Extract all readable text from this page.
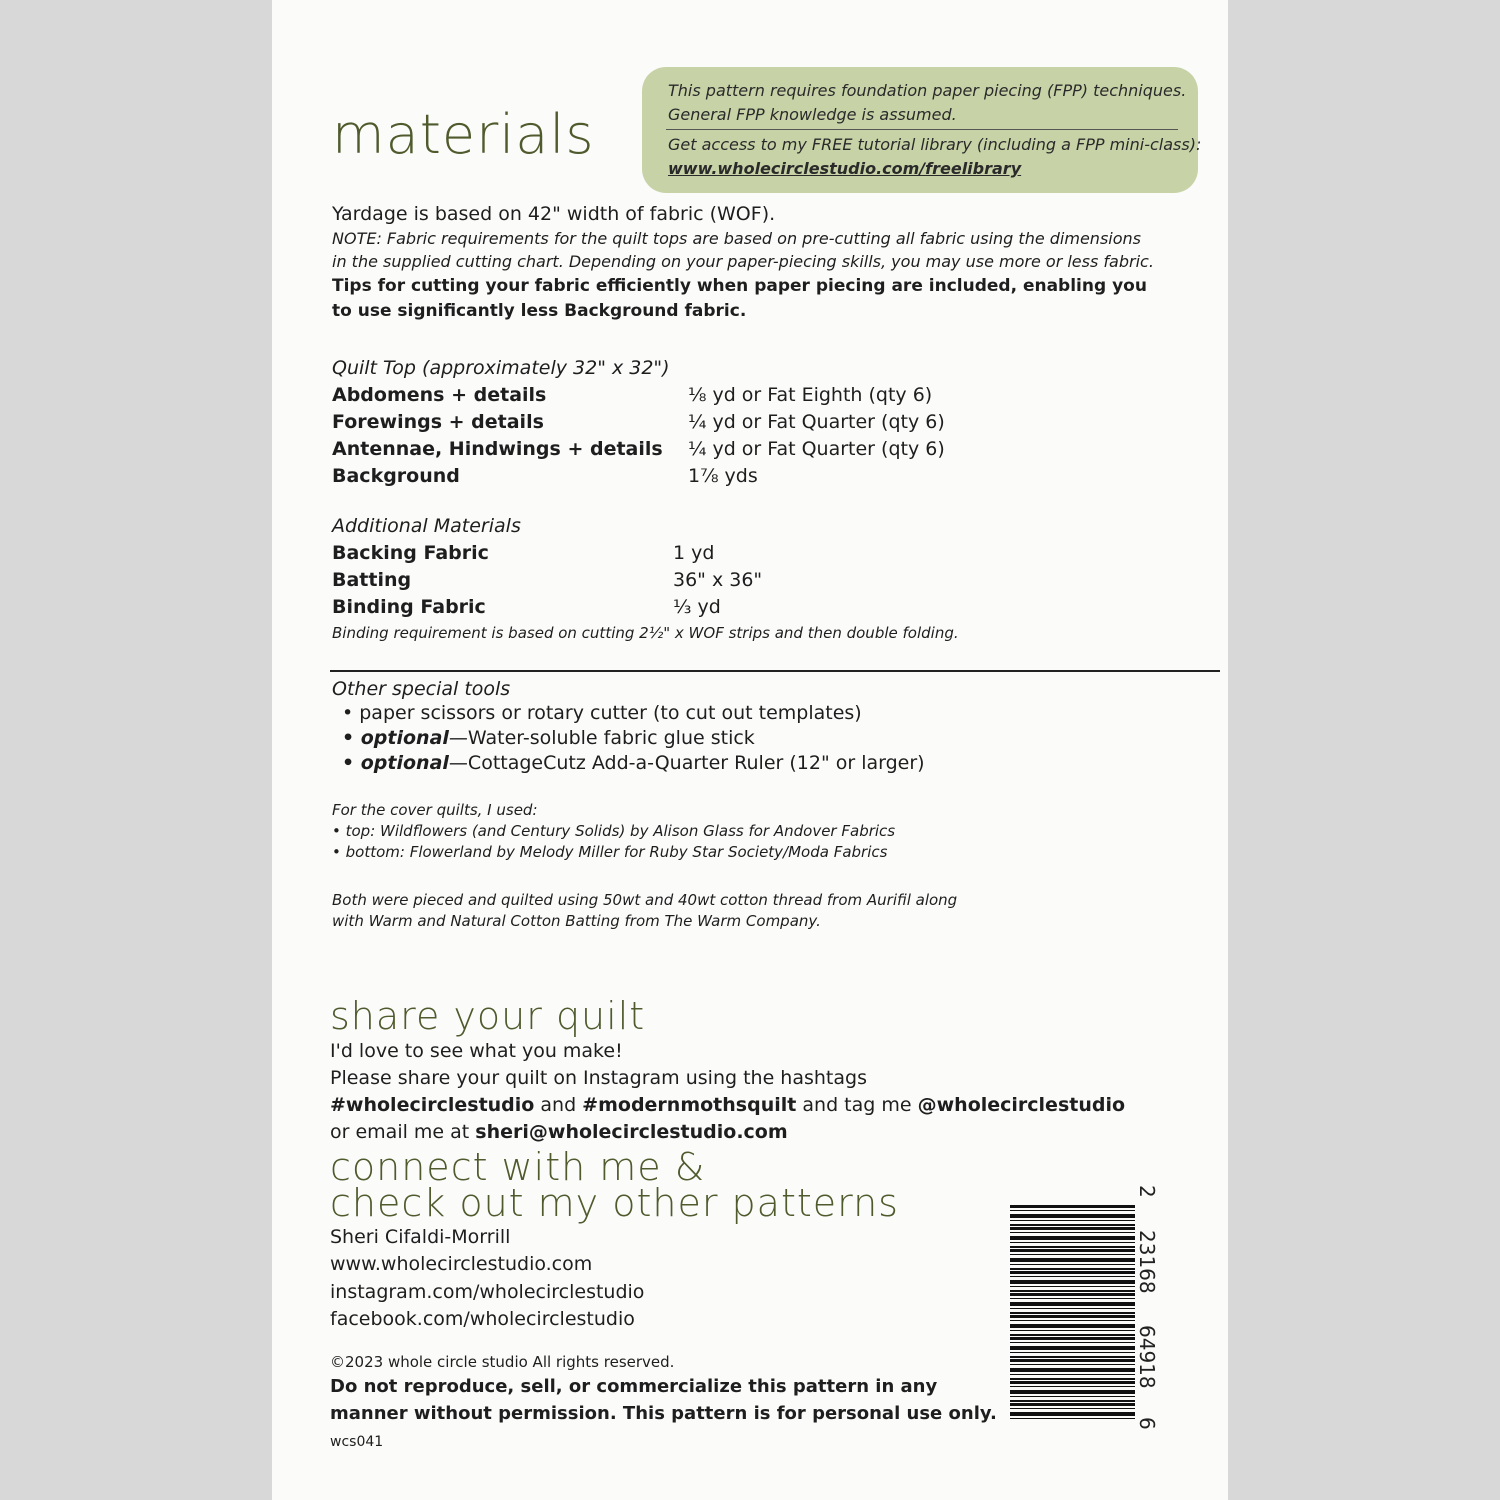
materials
This pattern requires foundation paper piecing (FPP) techniques.
General FPP knowledge is assumed.
Get access to my FREE tutorial library (including a FPP mini-class):
www.wholecirclestudio.com/freelibrary
Yardage is based on 42" width of fabric (WOF).
NOTE: Fabric requirements for the quilt tops are based on pre-cutting all fabric using the dimensions
in the supplied cutting chart. Depending on your paper-piecing skills, you may use more or less fabric.
Tips for cutting your fabric efficiently when paper piecing are included, enabling you
to use significantly less Background fabric.
Quilt Top (approximately 32" x 32")
Abdomens + details	⅛ yd or Fat Eighth (qty 6)
Forewings + details	¼ yd or Fat Quarter (qty 6)
Antennae, Hindwings + details ¼ yd or Fat Quarter (qty 6)
Background	1⅞ yds
Additional Materials
Backing Fabric	1 yd
Batting	36" x 36"
Binding Fabric	⅓ yd
Binding requirement is based on cutting 2½" x WOF strips and then double folding.
Other special tools
• paper scissors or rotary cutter (to cut out templates)
• optional—Water-soluble fabric glue stick
• optional—CottageCutz Add-a-Quarter Ruler (12" or larger)
For the cover quilts, I used:
• top: Wildflowers (and Century Solids) by Alison Glass for Andover Fabrics
• bottom: Flowerland by Melody Miller for Ruby Star Society/Moda Fabrics
Both were pieced and quilted using 50wt and 40wt cotton thread from Aurifil along
with Warm and Natural Cotton Batting from The Warm Company.
share your quilt
I'd love to see what you make!
Please share your quilt on Instagram using the hashtags
#wholecirclestudio and #modernmothsquilt and tag me @wholecirclestudio
or email me at sheri@wholecirclestudio.com
connect with me &
check out my other patterns
Sheri Cifaldi-Morrill
www.wholecirclestudio.com
instagram.com/wholecirclestudio
facebook.com/wholecirclestudio
©2023 whole circle studio All rights reserved.
Do not reproduce, sell, or commercialize this pattern in any
manner without permission. This pattern is for personal use only.
wcs041
2
23168
64918
6
